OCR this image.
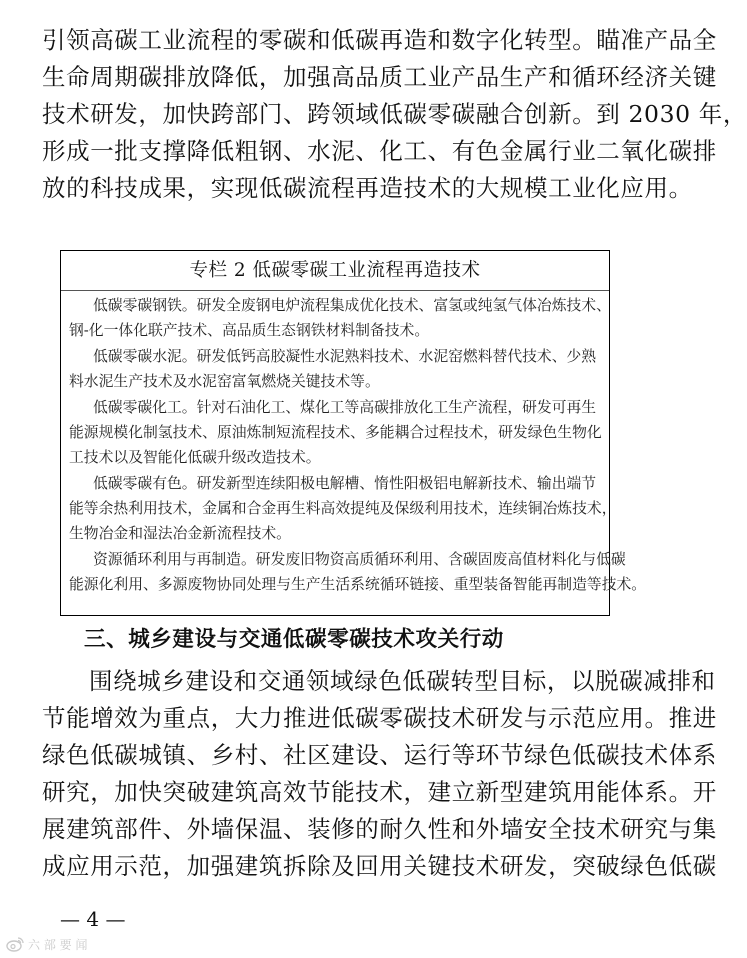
引领高碳工业流程的零碳和低碳再造和数字化转型。瞄准产品全
生命周期碳排放降低，加强高品质工业产品生产和循环经济关键
技术研发，加快跨部门、跨领域低碳零碳融合创新。到 2030 年，
形成一批支撑降低粗钢、水泥、化工、有色金属行业二氧化碳排
放的科技成果，实现低碳流程再造技术的大规模工业化应用。
专栏 2 低碳零碳工业流程再造技术
低碳零碳钢铁。研发全废钢电炉流程集成优化技术、富氢或纯氢气体冶炼技术、
钢-化一体化联产技术、高品质生态钢铁材料制备技术。
低碳零碳水泥。研发低钙高胶凝性水泥熟料技术、水泥窑燃料替代技术、少熟
料水泥生产技术及水泥窑富氧燃烧关键技术等。
低碳零碳化工。针对石油化工、煤化工等高碳排放化工生产流程，研发可再生
能源规模化制氢技术、原油炼制短流程技术、多能耦合过程技术，研发绿色生物化
工技术以及智能化低碳升级改造技术。
低碳零碳有色。研发新型连续阳极电解槽、惰性阳极铝电解新技术、输出端节
能等余热利用技术，金属和合金再生料高效提纯及保级利用技术，连续铜冶炼技术，
生物冶金和湿法冶金新流程技术。
资源循环利用与再制造。研发废旧物资高质循环利用、含碳固废高值材料化与低碳
能源化利用、多源废物协同处理与生产生活系统循环链接、重型装备智能再制造等技术。
三、城乡建设与交通低碳零碳技术攻关行动
围绕城乡建设和交通领域绿色低碳转型目标，以脱碳减排和
节能增效为重点，大力推进低碳零碳技术研发与示范应用。推进
绿色低碳城镇、乡村、社区建设、运行等环节绿色低碳技术体系
研究，加快突破建筑高效节能技术，建立新型建筑用能体系。开
展建筑部件、外墙保温、装修的耐久性和外墙安全技术研究与集
成应用示范，加强建筑拆除及回用关键技术研发，突破绿色低碳
— 4 —
六 部 要 闻
